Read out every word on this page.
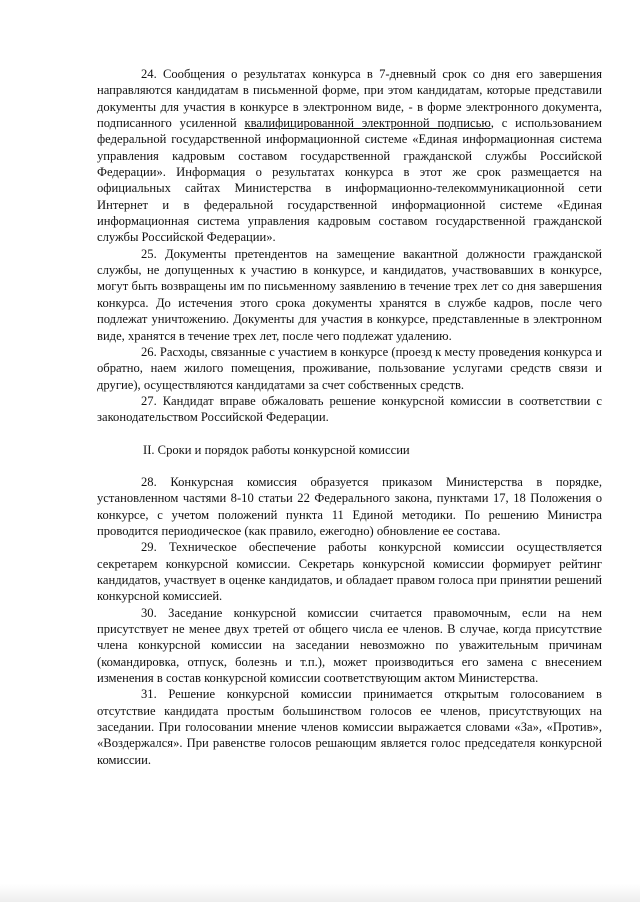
24. Сообщения о результатах конкурса в 7-дневный срок со дня его завершения направляются кандидатам в письменной форме, при этом кандидатам, которые представили документы для участия в конкурсе в электронном виде, - в форме электронного документа, подписанного усиленной квалифицированной электронной подписью, с использованием федеральной государственной информационной системе «Единая информационная система управления кадровым составом государственной гражданской службы Российской Федерации». Информация о результатах конкурса в этот же срок размещается на официальных сайтах Министерства в информационно-телекоммуникационной сети Интернет и в федеральной государственной информационной системе «Единая информационная система управления кадровым составом государственной гражданской службы Российской Федерации».

25. Документы претендентов на замещение вакантной должности гражданской службы, не допущенных к участию в конкурсе, и кандидатов, участвовавших в конкурсе, могут быть возвращены им по письменному заявлению в течение трех лет со дня завершения конкурса. До истечения этого срока документы хранятся в службе кадров, после чего подлежат уничтожению. Документы для участия в конкурсе, представленные в электронном виде, хранятся в течение трех лет, после чего подлежат удалению.

26. Расходы, связанные с участием в конкурсе (проезд к месту проведения конкурса и обратно, наем жилого помещения, проживание, пользование услугами средств связи и другие), осуществляются кандидатами за счет собственных средств.

27. Кандидат вправе обжаловать решение конкурсной комиссии в соответствии с законодательством Российской Федерации.

II. Сроки и порядок работы конкурсной комиссии

28. Конкурсная комиссия образуется приказом Министерства в порядке, установленном частями 8-10 статьи 22 Федерального закона, пунктами 17, 18 Положения о конкурсе, с учетом положений пункта 11 Единой методики. По решению Министра проводится периодическое (как правило, ежегодно) обновление ее состава.

29. Техническое обеспечение работы конкурсной комиссии осуществляется секретарем конкурсной комиссии. Секретарь конкурсной комиссии формирует рейтинг кандидатов, участвует в оценке кандидатов, и обладает правом голоса при принятии решений конкурсной комиссией.

30. Заседание конкурсной комиссии считается правомочным, если на нем присутствует не менее двух третей от общего числа ее членов. В случае, когда присутствие члена конкурсной комиссии на заседании невозможно по уважительным причинам (командировка, отпуск, болезнь и т.п.), может производиться его замена с внесением изменения в состав конкурсной комиссии соответствующим актом Министерства.

31. Решение конкурсной комиссии принимается открытым голосованием в отсутствие кандидата простым большинством голосов ее членов, присутствующих на заседании. При голосовании мнение членов комиссии выражается словами «За», «Против», «Воздержался». При равенстве голосов решающим является голос председателя конкурсной комиссии.
